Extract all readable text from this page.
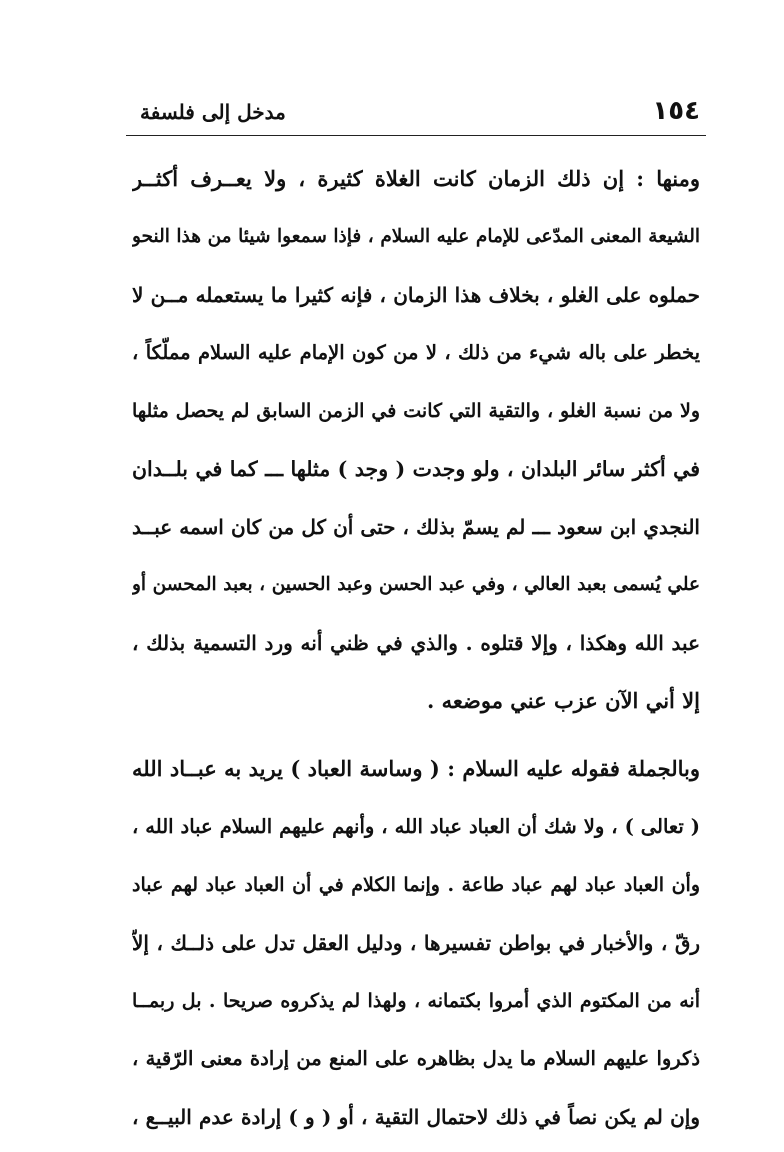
١٥٤
مدخل إلى فلسفة
ومنها : إن ذلك الزمان كانت الغلاة كثيرة ، ولا يعــرف أكثــر
الشيعة المعنى المدّعى للإمام عليه السلام ، فإذا سمعوا شيئا من هذا النحو
حملوه على الغلو ، بخلاف هذا الزمان ، فإنه كثيرا ما يستعمله مــن لا
يخطر على باله شيء من ذلك ، لا من كون الإمام عليه السلام مملّكاً ،
ولا من نسبة الغلو ، والتقية التي كانت في الزمن السابق لم يحصل مثلها
في أكثر سائر البلدان ، ولو وجدت ( وجد ) مثلها ـــ كما في بلــدان
النجدي ابن سعود ـــ لم يسمّ بذلك ، حتى أن كل من كان اسمه عبــد
علي يُسمى بعبد العالي ، وفي عبد الحسن وعبد الحسين ، بعبد المحسن أو
عبد الله وهكذا ، وإلا قتلوه . والذي في ظني أنه ورد التسمية بذلك ،
إلا أني الآن عزب عني موضعه .
وبالجملة فقوله عليه السلام : ( وساسة العباد ) يريد به عبــاد الله
( تعالى ) ، ولا شك أن العباد عباد الله ، وأنهم عليهم السلام عباد الله ،
وأن العباد عباد لهم عباد طاعة . وإنما الكلام في أن العباد عباد لهم عباد
رقّ ، والأخبار في بواطن تفسيرها ، ودليل العقل تدل على ذلــك ، إلاّ
أنه من المكتوم الذي أمروا بكتمانه ، ولهذا لم يذكروه صريحا . بل ربمــا
ذكروا عليهم السلام ما يدل بظاهره على المنع من إرادة معنى الرّقية ،
وإن لم يكن نصاً في ذلك لاحتمال التقية ، أو ( و ) إرادة عدم البيــع ،
